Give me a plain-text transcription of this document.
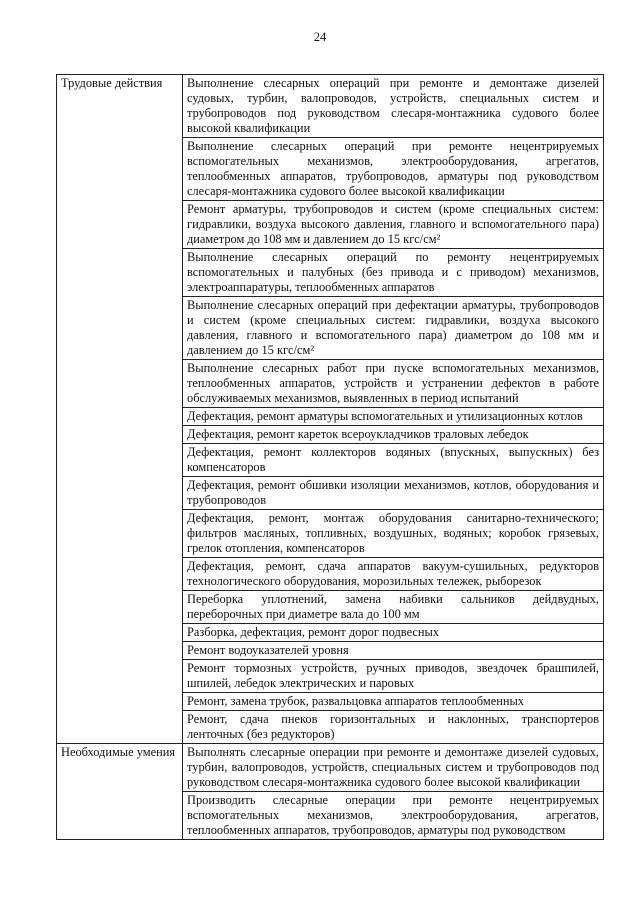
24
Трудовые действия	Выполнение слесарных операций при ремонте и демонтаже дизелей судовых, турбин, валопроводов, устройств, специальных систем и трубопроводов под руководством слесаря-монтажника судового более высокой квалификации
	Выполнение слесарных операций при ремонте нецентрируемых вспомогательных механизмов, электрооборудования, агрегатов, теплообменных аппаратов, трубопроводов, арматуры под руководством слесаря-монтажника судового более высокой квалификации
	Ремонт арматуры, трубопроводов и систем (кроме специальных систем: гидравлики, воздуха высокого давления, главного и вспомогательного пара) диаметром до 108 мм и давлением до 15 кгс/см²
	Выполнение слесарных операций по ремонту нецентрируемых вспомогательных и палубных (без привода и с приводом) механизмов, электроаппаратуры, теплообменных аппаратов
	Выполнение слесарных операций при дефектации арматуры, трубопроводов и систем (кроме специальных систем: гидравлики, воздуха высокого давления, главного и вспомогательного пара) диаметром до 108 мм и давлением до 15 кгс/см²
	Выполнение слесарных работ при пуске вспомогательных механизмов, теплообменных аппаратов, устройств и устранении дефектов в работе обслуживаемых механизмов, выявленных в период испытаний
	Дефектация, ремонт арматуры вспомогательных и утилизационных котлов
	Дефектация, ремонт кареток всероукладчиков траловых лебедок
	Дефектация, ремонт коллекторов водяных (впускных, выпускных) без компенсаторов
	Дефектация, ремонт обшивки изоляции механизмов, котлов, оборудования и трубопроводов
	Дефектация, ремонт, монтаж оборудования санитарно-технического; фильтров масляных, топливных, воздушных, водяных; коробок грязевых, грелок отопления, компенсаторов
	Дефектация, ремонт, сдача аппаратов вакуум-сушильных, редукторов технологического оборудования, морозильных тележек, рыборезок
	Переборка уплотнений, замена набивки сальников дейдвудных, переборочных при диаметре вала до 100 мм
	Разборка, дефектация, ремонт дорог подвесных
	Ремонт водоуказателей уровня
	Ремонт тормозных устройств, ручных приводов, звездочек брашпилей, шпилей, лебедок электрических и паровых
	Ремонт, замена трубок, развальцовка аппаратов теплообменных
	Ремонт, сдача пнеков горизонтальных и наклонных, транспортеров ленточных (без редукторов)

Необходимые умения	Выполнять слесарные операции при ремонте и демонтаже дизелей судовых, турбин, валопроводов, устройств, специальных систем и трубопроводов под руководством слесаря-монтажника судового более высокой квалификации
	Производить слесарные операции при ремонте нецентрируемых вспомогательных механизмов, электрооборудования, агрегатов, теплообменных аппаратов, трубопроводов, арматуры под руководством
